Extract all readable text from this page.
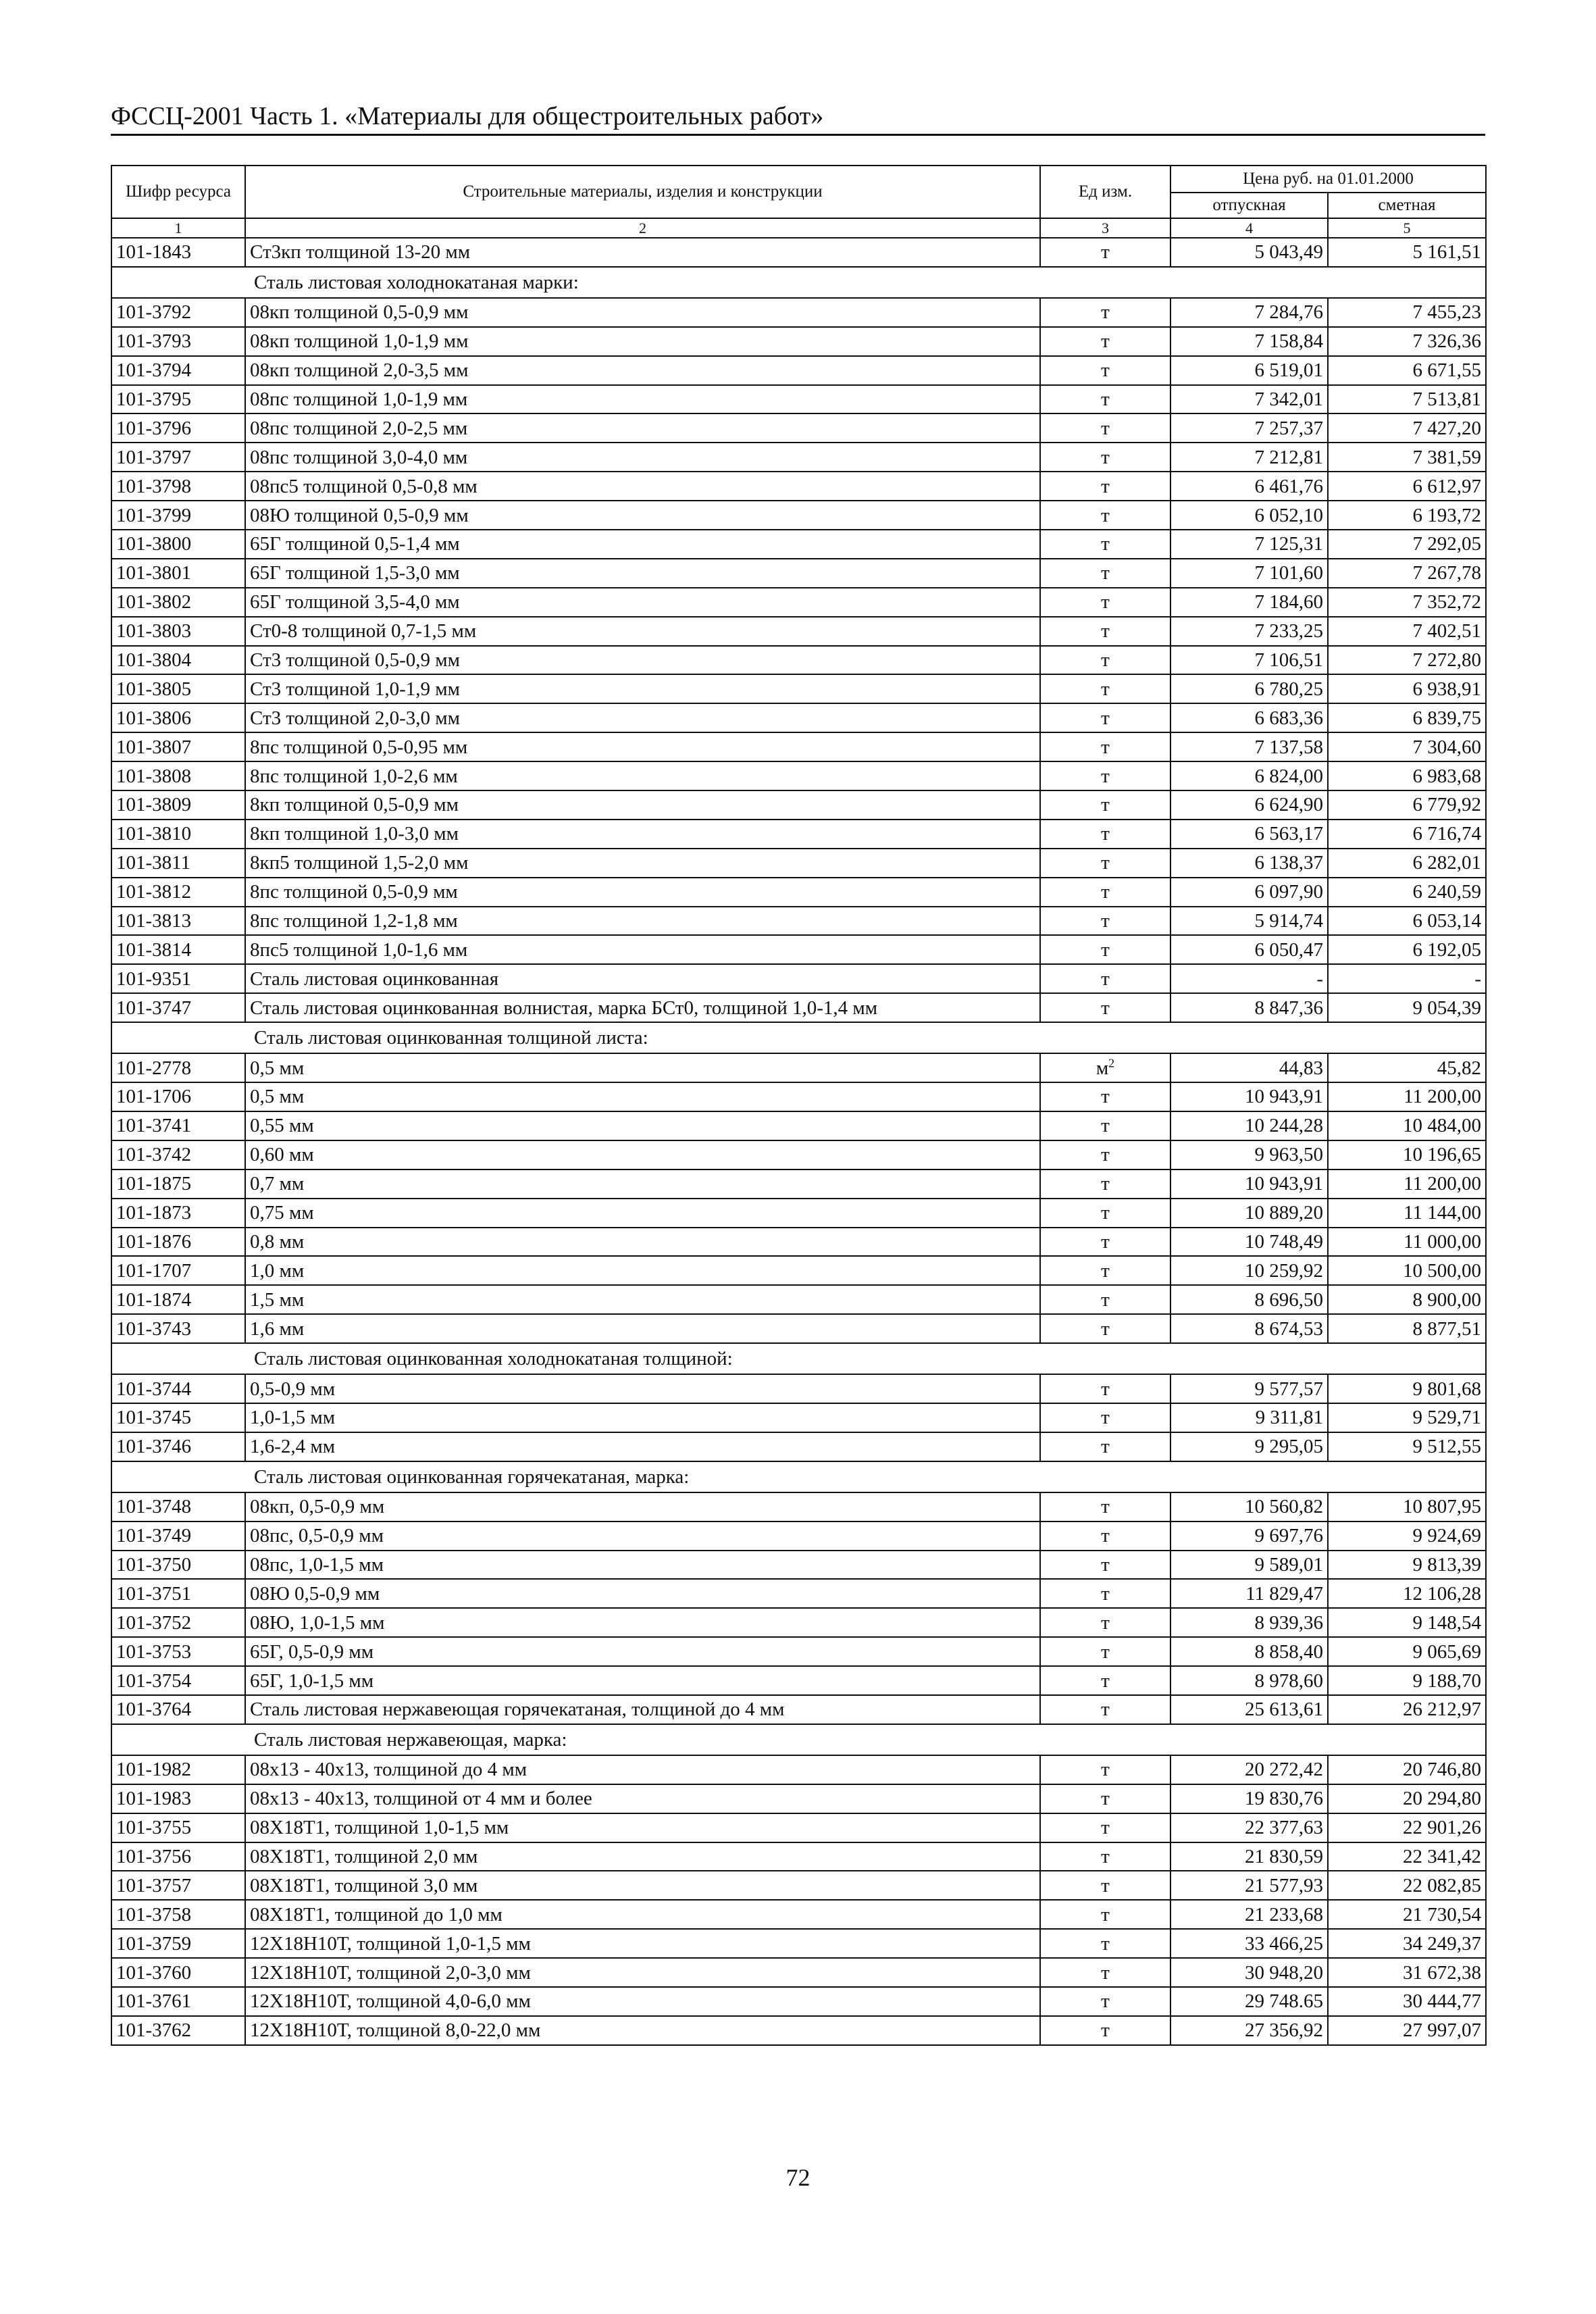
ФССЦ-2001 Часть 1. «Материалы для общестроительных работ»
Шифр ресурса	Строительные материалы, изделия и конструкции	Ед изм.	Цена руб. на 01.01.2000	
			отпускная	сметная
1	2	3	4	5
101-1843	Ст3кп толщиной 13-20 мм	т	5 043,49	5 161,51
Сталь листовая холоднокатаная марки:				
101-3792	08кп толщиной 0,5-0,9 мм	т	7 284,76	7 455,23
101-3793	08кп толщиной 1,0-1,9 мм	т	7 158,84	7 326,36
101-3794	08кп толщиной 2,0-3,5 мм	т	6 519,01	6 671,55
101-3795	08пс толщиной 1,0-1,9 мм	т	7 342,01	7 513,81
101-3796	08пс толщиной 2,0-2,5 мм	т	7 257,37	7 427,20
101-3797	08пс толщиной 3,0-4,0 мм	т	7 212,81	7 381,59
101-3798	08пс5 толщиной 0,5-0,8 мм	т	6 461,76	6 612,97
101-3799	08Ю толщиной 0,5-0,9 мм	т	6 052,10	6 193,72
101-3800	65Г толщиной 0,5-1,4 мм	т	7 125,31	7 292,05
101-3801	65Г толщиной 1,5-3,0 мм	т	7 101,60	7 267,78
101-3802	65Г толщиной 3,5-4,0 мм	т	7 184,60	7 352,72
101-3803	Ст0-8 толщиной 0,7-1,5 мм	т	7 233,25	7 402,51
101-3804	Ст3 толщиной 0,5-0,9 мм	т	7 106,51	7 272,80
101-3805	Ст3 толщиной 1,0-1,9 мм	т	6 780,25	6 938,91
101-3806	Ст3 толщиной 2,0-3,0 мм	т	6 683,36	6 839,75
101-3807	8пс толщиной 0,5-0,95 мм	т	7 137,58	7 304,60
101-3808	8пс толщиной 1,0-2,6 мм	т	6 824,00	6 983,68
101-3809	8кп толщиной 0,5-0,9 мм	т	6 624,90	6 779,92
101-3810	8кп толщиной 1,0-3,0 мм	т	6 563,17	6 716,74
101-3811	8кп5 толщиной 1,5-2,0 мм	т	6 138,37	6 282,01
101-3812	8пс толщиной 0,5-0,9 мм	т	6 097,90	6 240,59
101-3813	8пс толщиной 1,2-1,8 мм	т	5 914,74	6 053,14
101-3814	8пс5 толщиной 1,0-1,6 мм	т	6 050,47	6 192,05
101-9351	Сталь листовая оцинкованная	т	-	-
101-3747	Сталь листовая оцинкованная волнистая, марка БСт0, толщиной 1,0-1,4 мм	т	8 847,36	9 054,39
Сталь листовая оцинкованная толщиной листа:				
101-2778	0,5 мм	$м^2$	44,83	45,82
101-1706	0,5 мм	т	10 943,91	11 200,00
101-3741	0,55 мм	т	10 244,28	10 484,00
101-3742	0,60 мм	т	9 963,50	10 196,65
101-1875	0,7 мм	т	10 943,91	11 200,00
101-1873	0,75 мм	т	10 889,20	11 144,00
101-1876	0,8 мм	т	10 748,49	11 000,00
101-1707	1,0 мм	т	10 259,92	10 500,00
101-1874	1,5 мм	т	8 696,50	8 900,00
101-3743	1,6 мм	т	8 674,53	8 877,51
Сталь листовая оцинкованная холоднокатаная толщиной:				
101-3744	0,5-0,9 мм	т	9 577,57	9 801,68
101-3745	1,0-1,5 мм	т	9 311,81	9 529,71
101-3746	1,6-2,4 мм	т	9 295,05	9 512,55
Сталь листовая оцинкованная горячекатаная, марка:				
101-3748	08кп, 0,5-0,9 мм	т	10 560,82	10 807,95
101-3749	08пс, 0,5-0,9 мм	т	9 697,76	9 924,69
101-3750	08пс, 1,0-1,5 мм	т	9 589,01	9 813,39
101-3751	08Ю 0,5-0,9 мм	т	11 829,47	12 106,28
101-3752	08Ю, 1,0-1,5 мм	т	8 939,36	9 148,54
101-3753	65Г, 0,5-0,9 мм	т	8 858,40	9 065,69
101-3754	65Г, 1,0-1,5 мм	т	8 978,60	9 188,70
101-3764	Сталь листовая нержавеющая горячекатаная, толщиной до 4 мм	т	25 613,61	26 212,97
Сталь листовая нержавеющая, марка:				
101-1982	08х13 - 40х13, толщиной до 4 мм	т	20 272,42	20 746,80
101-1983	08х13 - 40х13, толщиной от 4 мм и более	т	19 830,76	20 294,80
101-3755	08Х18Т1, толщиной 1,0-1,5 мм	т	22 377,63	22 901,26
101-3756	08Х18Т1, толщиной 2,0 мм	т	21 830,59	22 341,42
101-3757	08Х18Т1, толщиной 3,0 мм	т	21 577,93	22 082,85
101-3758	08Х18Т1, толщиной до 1,0 мм	т	21 233,68	21 730,54
101-3759	12Х18Н10Т, толщиной 1,0-1,5 мм	т	33 466,25	34 249,37
101-3760	12Х18Н10Т, толщиной 2,0-3,0 мм	т	30 948,20	31 672,38
101-3761	12Х18Н10Т, толщиной 4,0-6,0 мм	т	29 748.65	30 444,77
101-3762	12Х18Н10Т, толщиной 8,0-22,0 мм	т	27 356,92	27 997,07
72
